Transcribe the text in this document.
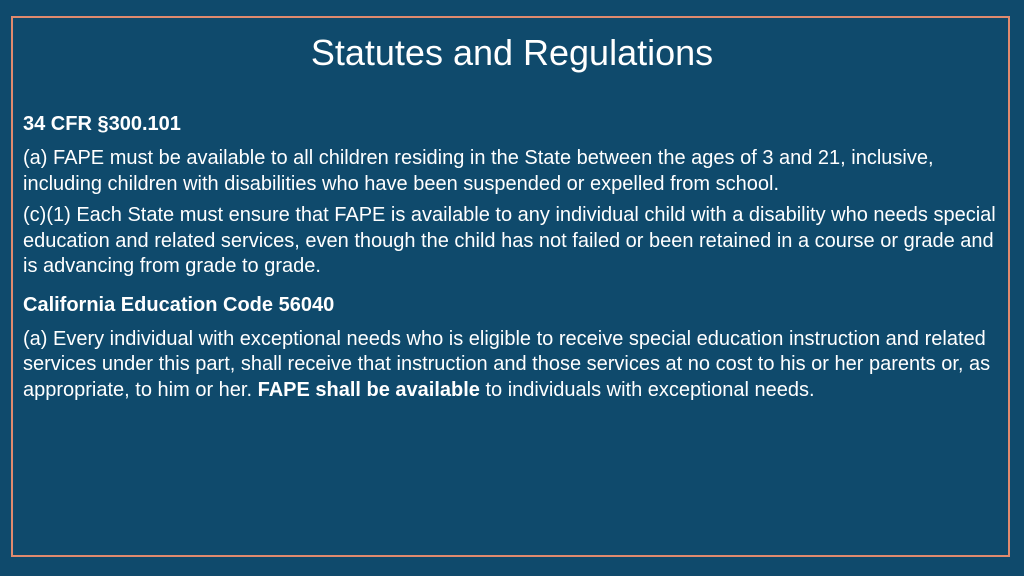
Statutes and Regulations

34 CFR §300.101

(a) FAPE must be available to all children residing in the State between the ages of 3 and 21, inclusive, including children with disabilities who have been suspended or expelled from school.

(c)(1) Each State must ensure that FAPE is available to any individual child with a disability who needs special education and related services, even though the child has not failed or been retained in a course or grade and is advancing from grade to grade.

California Education Code 56040

(a) Every individual with exceptional needs who is eligible to receive special education instruction and related services under this part, shall receive that instruction and those services at no cost to his or her parents or, as appropriate, to him or her. FAPE shall be available to individuals with exceptional needs.
